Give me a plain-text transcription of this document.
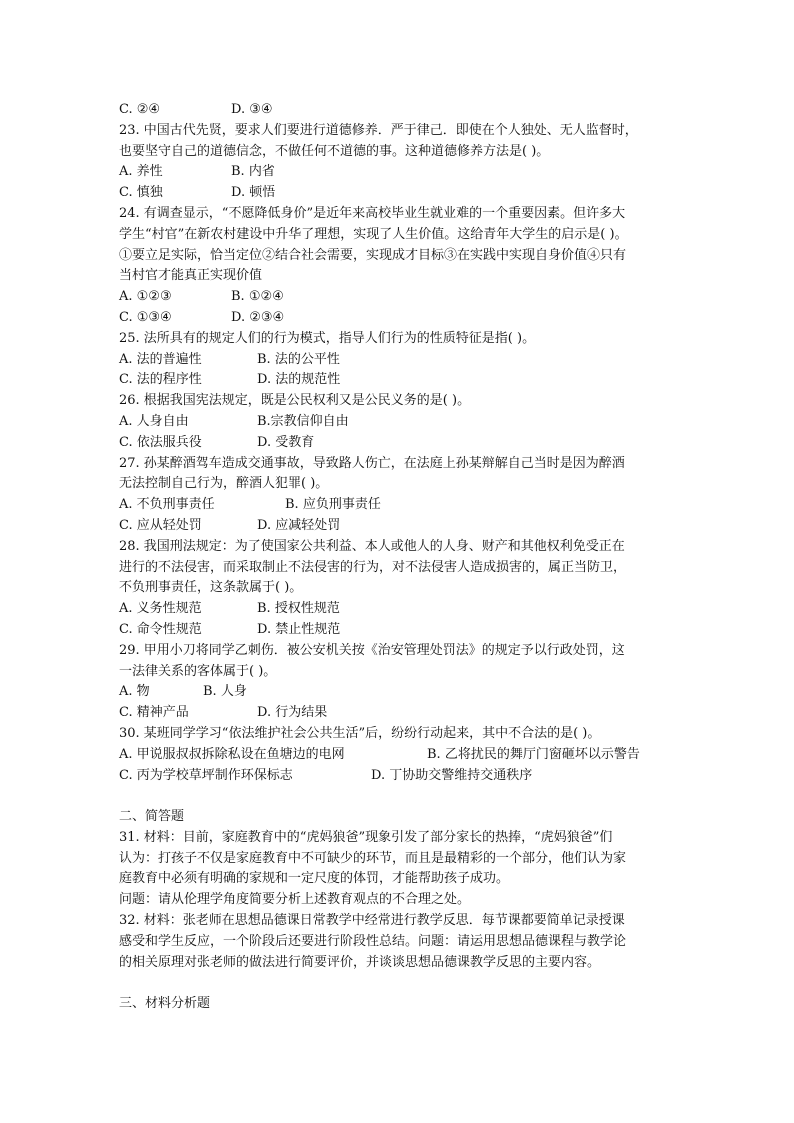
C. ②④	D. ③④
23. 中国古代先贤，要求人们要进行道德修养．严于律己．即使在个人独处、无人监督时，
也要坚守自己的道德信念，不做任何不道德的事。这种道德修养方法是( )。
A. 养性	B. 内省
C. 慎独	D. 顿悟
24. 有调查显示，“不愿降低身价”是近年来高校毕业生就业难的一个重要因素。但许多大
学生“村官”在新农村建设中升华了理想，实现了人生价值。这给青年大学生的启示是( )。
①要立足实际，恰当定位②结合社会需要，实现成才目标③在实践中实现自身价值④只有
当村官才能真正实现价值
A. ①②③	B. ①②④
C. ①③④	D. ②③④
25. 法所具有的规定人们的行为模式，指导人们行为的性质特征是指( )。
A. 法的普遍性	B. 法的公平性
C. 法的程序性	D. 法的规范性
26. 根据我国宪法规定，既是公民权利又是公民义务的是( )。
A. 人身自由	B.宗教信仰自由
C. 依法服兵役	D. 受教育
27. 孙某醉酒驾车造成交通事故，导致路人伤亡，在法庭上孙某辩解自己当时是因为醉酒
无法控制自己行为，醉酒人犯罪( )。
A. 不负刑事责任	B. 应负刑事责任
C. 应从轻处罚	D. 应减轻处罚
28. 我国刑法规定：为了使国家公共利益、本人或他人的人身、财产和其他权利免受正在
进行的不法侵害，而采取制止不法侵害的行为，对不法侵害人造成损害的，属正当防卫，
不负刑事责任，这条款属于( )。
A. 义务性规范	B. 授权性规范
C. 命令性规范	D. 禁止性规范
29. 甲用小刀将同学乙刺伤．被公安机关按《治安管理处罚法》的规定予以行政处罚，这
一法律关系的客体属于( )。
A. 物	B. 人身
C. 精神产品	D. 行为结果
30. 某班同学学习“依法维护社会公共生活”后，纷纷行动起来，其中不合法的是( )。
A. 甲说服叔叔拆除私设在鱼塘边的电网	B. 乙将扰民的舞厅门窗砸坏以示警告
C. 丙为学校草坪制作环保标志	D. 丁协助交警维持交通秩序
二、简答题
31. 材料：目前，家庭教育中的“虎妈狼爸”现象引发了部分家长的热捧，“虎妈狼爸”们
认为：打孩子不仅是家庭教育中不可缺少的环节，而且是最精彩的一个部分，他们认为家
庭教育中必须有明确的家规和一定尺度的体罚，才能帮助孩子成功。
问题：请从伦理学角度简要分析上述教育观点的不合理之处。
32. 材料：张老师在思想品德课日常教学中经常进行教学反思．每节课都要简单记录授课
感受和学生反应，一个阶段后还要进行阶段性总结。问题：请运用思想品德课程与教学论
的相关原理对张老师的做法进行简要评价，并谈谈思想品德课教学反思的主要内容。
三、材料分析题
